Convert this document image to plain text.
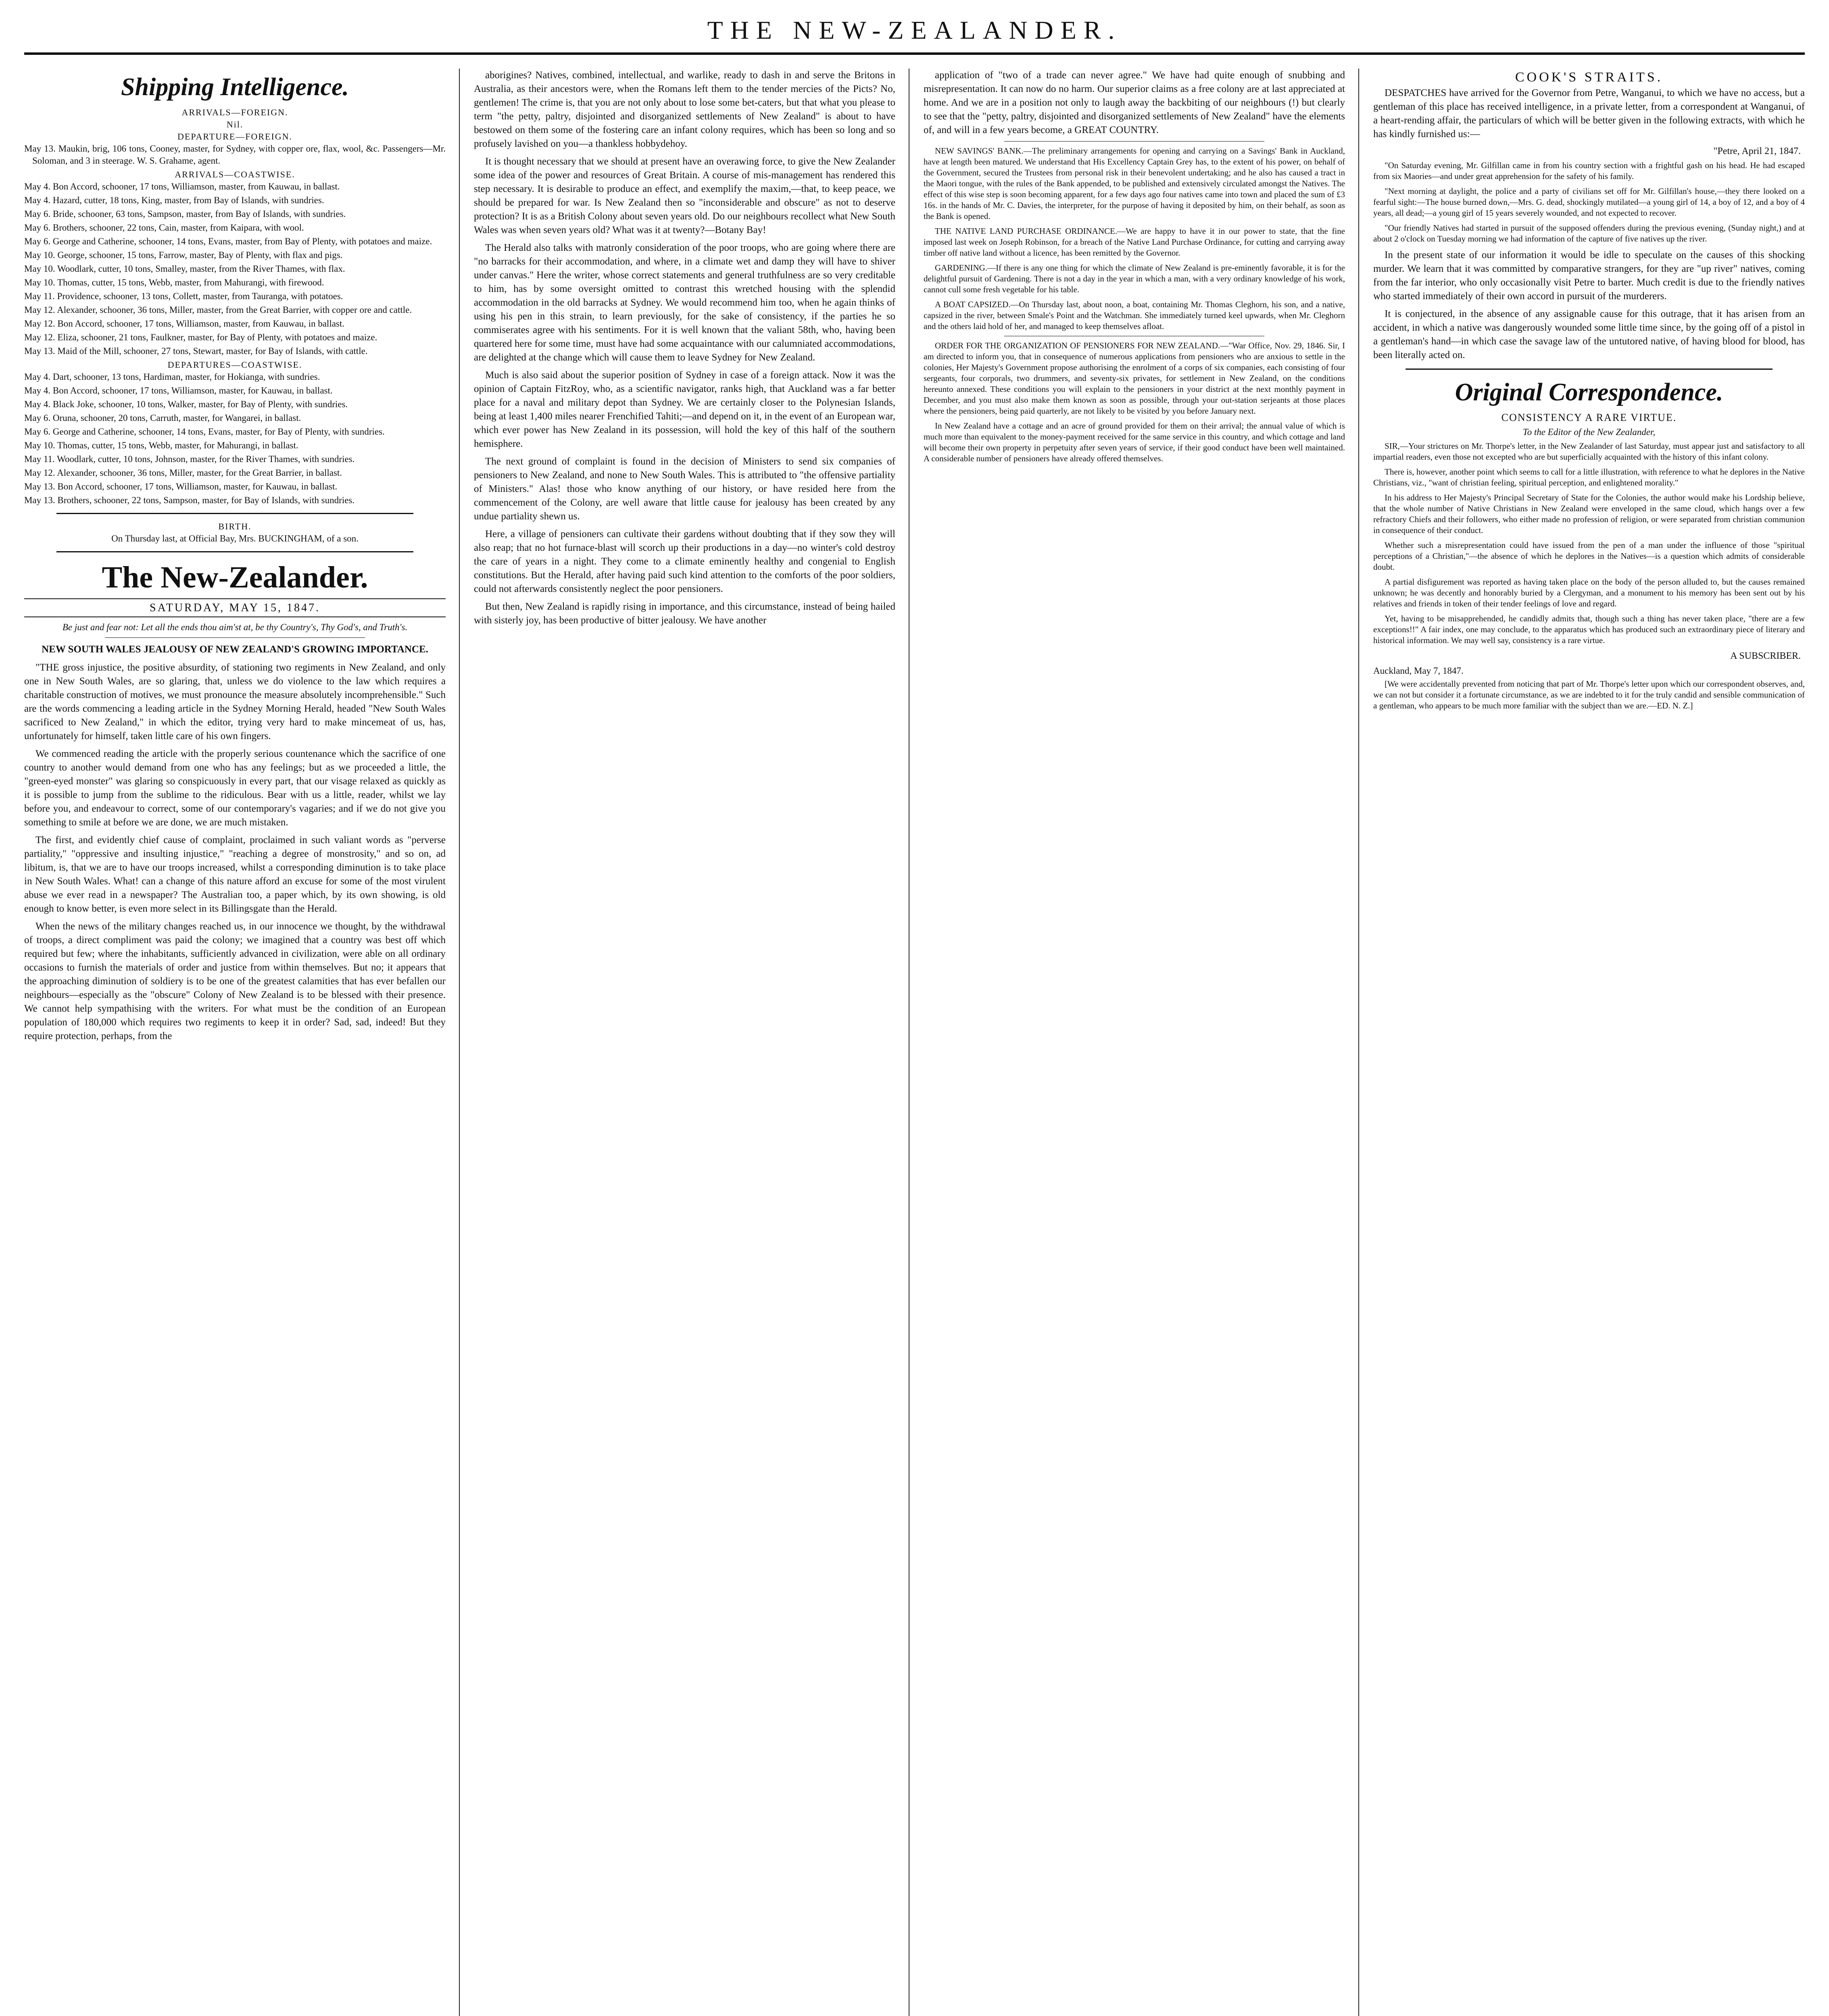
THE NEW-ZEALANDER.
Shipping Intelligence.
ARRIVALS—FOREIGN.
Nil.
DEPARTURE—FOREIGN.
May 13. Maukin, brig, 106 tons, Cooney, master, for Sydney, with copper ore, flax, wool, &c. Passengers—Mr. Soloman, and 3 in steerage. W. S. Grahame, agent.
ARRIVALS—COASTWISE.
May 4. Bon Accord, schooner, 17 tons, Williamson, master, from Kauwau, in ballast.
May 4. Hazard, cutter, 18 tons, King, master, from Bay of Islands, with sundries.
May 6. Bride, schooner, 63 tons, Sampson, master, from Bay of Islands, with sundries.
May 6. Brothers, schooner, 22 tons, Cain, master, from Kaipara, with wool.
May 6. George and Catherine, schooner, 14 tons, Evans, master, from Bay of Plenty, with potatoes and maize.
May 10. George, schooner, 15 tons, Farrow, master, Bay of Plenty, with flax and pigs.
May 10. Woodlark, cutter, 10 tons, Smalley, master, from the River Thames, with flax.
May 10. Thomas, cutter, 15 tons, Webb, master, from Mahurangi, with firewood.
May 11. Providence, schooner, 13 tons, Collett, master, from Tauranga, with potatoes.
May 12. Alexander, schooner, 36 tons, Miller, master, from the Great Barrier, with copper ore and cattle.
May 12. Bon Accord, schooner, 17 tons, Williamson, master, from Kauwau, in ballast.
May 12. Eliza, schooner, 21 tons, Faulkner, master, for Bay of Plenty, with potatoes and maize.
May 13. Maid of the Mill, schooner, 27 tons, Stewart, master, for Bay of Islands, with cattle.
DEPARTURES—COASTWISE.
May 4. Dart, schooner, 13 tons, Hardiman, master, for Hokianga, with sundries.
May 4. Bon Accord, schooner, 17 tons, Williamson, master, for Kauwau, in ballast.
May 4. Black Joke, schooner, 10 tons, Walker, master, for Bay of Plenty, with sundries.
May 6. Oruna, schooner, 20 tons, Carruth, master, for Wangarei, in ballast.
May 6. George and Catherine, schooner, 14 tons, Evans, master, for Bay of Plenty, with sundries.
May 10. Thomas, cutter, 15 tons, Webb, master, for Mahurangi, in ballast.
May 11. Woodlark, cutter, 10 tons, Johnson, master, for the River Thames, with sundries.
May 12. Alexander, schooner, 36 tons, Miller, master, for the Great Barrier, in ballast.
May 13. Bon Accord, schooner, 17 tons, Williamson, master, for Kauwau, in ballast.
May 13. Brothers, schooner, 22 tons, Sampson, master, for Bay of Islands, with sundries.
BIRTH.
On Thursday last, at Official Bay, Mrs. BUCKINGHAM, of a son.
The New-Zealander.
SATURDAY, MAY 15, 1847.
Be just and fear not: Let all the ends thou aim'st at, be thy Country's, Thy God's, and Truth's.
NEW SOUTH WALES JEALOUSY OF NEW ZEALAND'S GROWING IMPORTANCE.

"THE gross injustice, the positive absurdity, of stationing two regiments in New Zealand, and only one in New South Wales, are so glaring, that, unless we do violence to the law which requires a charitable construction of motives, we must pronounce the measure absolutely incomprehensible." Such are the words commencing a leading article in the Sydney Morning Herald, headed "New South Wales sacrificed to New Zealand," in which the editor, trying very hard to make mincemeat of us, has, unfortunately for himself, taken little care of his own fingers.

We commenced reading the article with the properly serious countenance which the sacrifice of one country to another would demand from one who has any feelings; but as we proceeded a little, the "green-eyed monster" was glaring so conspicuously in every part, that our visage relaxed as quickly as it is possible to jump from the sublime to the ridiculous. Bear with us a little, reader, whilst we lay before you, and endeavour to correct, some of our contemporary's vagaries; and if we do not give you something to smile at before we are done, we are much mistaken.

The first, and evidently chief cause of complaint, proclaimed in such valiant words as "perverse partiality," "oppressive and insulting injustice," "reaching a degree of monstrosity," and so on, ad libitum, is, that we are to have our troops increased, whilst a corresponding diminution is to take place in New South Wales. What! can a change of this nature afford an excuse for some of the most virulent abuse we ever read in a newspaper? The Australian too, a paper which, by its own showing, is old enough to know better, is even more select in its Billingsgate than the Herald.

When the news of the military changes reached us, in our innocence we thought, by the withdrawal of troops, a direct compliment was paid the colony; we imagined that a country was best off which required but few; where the inhabitants, sufficiently advanced in civilization, were able on all ordinary occasions to furnish the materials of order and justice from within themselves. But no; it appears that the approaching diminution of soldiery is to be one of the greatest calamities that has ever befallen our neighbours—especially as the "obscure" Colony of New Zealand is to be blessed with their presence. We cannot help sympathising with the writers. For what must be the condition of an European population of 180,000 which requires two regiments to keep it in order? Sad, sad, indeed! But they require protection, perhaps, from the

aborigines? Natives, combined, intellectual, and warlike, ready to dash in and serve the Britons in Australia, as their ancestors were, when the Romans left them to the tender mercies of the Picts? No, gentlemen! The crime is, that you are not only about to lose some bet-caters, but that what you please to term "the petty, paltry, disjointed and disorganized settlements of New Zealand" is about to have bestowed on them some of the fostering care an infant colony requires, which has been so long and so profusely lavished on you—a thankless hobbydehoy.

It is thought necessary that we should at present have an overawing force, to give the New Zealander some idea of the power and resources of Great Britain. A course of mis-management has rendered this step necessary. It is desirable to produce an effect, and exemplify the maxim,—that, to keep peace, we should be prepared for war. Is New Zealand then so "inconsiderable and obscure" as not to deserve protection? It is as a British Colony about seven years old. Do our neighbours recollect what New South Wales was when seven years old? What was it at twenty?—Botany Bay!

The Herald also talks with matronly consideration of the poor troops, who are going where there are "no barracks for their accommodation, and where, in a climate wet and damp they will have to shiver under canvas." Here the writer, whose correct statements and general truthfulness are so very creditable to him, has by some oversight omitted to contrast this wretched housing with the splendid accommodation in the old barracks at Sydney. We would recommend him too, when he again thinks of using his pen in this strain, to learn previously, for the sake of consistency, if the parties he so commiserates agree with his sentiments. For it is well known that the valiant 58th, who, having been quartered here for some time, must have had some acquaintance with our calumniated accommodations, are delighted at the change which will cause them to leave Sydney for New Zealand.

Much is also said about the superior position of Sydney in case of a foreign attack. Now it was the opinion of Captain FitzRoy, who, as a scientific navigator, ranks high, that Auckland was a far better place for a naval and military depot than Sydney. We are certainly closer to the Polynesian Islands, being at least 1,400 miles nearer Frenchified Tahiti;—and depend on it, in the event of an European war, which ever power has New Zealand in its possession, will hold the key of this half of the southern hemisphere.

The next ground of complaint is found in the decision of Ministers to send six companies of pensioners to New Zealand, and none to New South Wales. This is attributed to "the offensive partiality of Ministers." Alas! those who know anything of our history, or have resided here from the commencement of the Colony, are well aware that little cause for jealousy has been created by any undue partiality shewn us.

Here, a village of pensioners can cultivate their gardens without doubting that if they sow they will also reap; that no hot furnace-blast will scorch up their productions in a day—no winter's cold destroy the care of years in a night. They come to a climate eminently healthy and congenial to English constitutions. But the Herald, after having paid such kind attention to the comforts of the poor soldiers, could not afterwards consistently neglect the poor pensioners.

But then, New Zealand is rapidly rising in importance, and this circumstance, instead of being hailed with sisterly joy, has been productive of bitter jealousy. We have another

application of "two of a trade can never agree." We have had quite enough of snubbing and misrepresentation. It can now do no harm. Our superior claims as a free colony are at last appreciated at home. And we are in a position not only to laugh away the backbiting of our neighbours (!) but clearly to see that the "petty, paltry, disjointed and disorganized settlements of New Zealand" have the elements of, and will in a few years become, a GREAT COUNTRY.

NEW SAVINGS' BANK.—The preliminary arrangements for opening and carrying on a Savings' Bank in Auckland, have at length been matured. We understand that His Excellency Captain Grey has, to the extent of his power, on behalf of the Government, secured the Trustees from personal risk in their benevolent undertaking; and he also has caused a tract in the Maori tongue, with the rules of the Bank appended, to be published and extensively circulated amongst the Natives. The effect of this wise step is soon becoming apparent, for a few days ago four natives came into town and placed the sum of £3 16s. in the hands of Mr. C. Davies, the interpreter, for the purpose of having it deposited by him, on their behalf, as soon as the Bank is opened.

THE NATIVE LAND PURCHASE ORDINANCE.—We are happy to have it in our power to state, that the fine imposed last week on Joseph Robinson, for a breach of the Native Land Purchase Ordinance, for cutting and carrying away timber off native land without a licence, has been remitted by the Governor.

GARDENING.—If there is any one thing for which the climate of New Zealand is pre-eminently favorable, it is for the delightful pursuit of Gardening. There is not a day in the year in which a man, with a very ordinary knowledge of his work, cannot cull some fresh vegetable for his table.

A BOAT CAPSIZED.—On Thursday last, about noon, a boat, containing Mr. Thomas Cleghorn, his son, and a native, capsized in the river, between Smale's Point and the Watchman. She immediately turned keel upwards, when Mr. Cleghorn and the others laid hold of her, and managed to keep themselves afloat.

ORDER FOR THE ORGANIZATION OF PENSIONERS FOR NEW ZEALAND.—"War Office, Nov. 29, 1846. Sir, I am directed to inform you, that in consequence of numerous applications from pensioners who are anxious to settle in the colonies, Her Majesty's Government propose authorising the enrolment of a corps of six companies, each consisting of four sergeants, four corporals, two drummers, and seventy-six privates, for settlement in New Zealand, on the conditions hereunto annexed. These conditions you will explain to the pensioners in your district at the next monthly payment in December, and you must also make them known as soon as possible, through your out-station serjeants at those places where the pensioners, being paid quarterly, are not likely to be visited by you before January next.

In New Zealand have a cottage and an acre of ground provided for them on their arrival; the annual value of which is much more than equivalent to the money-payment received for the same service in this country, and which cottage and land will become their own property in perpetuity after seven years of service, if their good conduct have been well maintained. A considerable number of pensioners have already offered themselves.

COOK'S STRAITS.

DESPATCHES have arrived for the Governor from Petre, Wanganui, to which we have no access, but a gentleman of this place has received intelligence, in a private letter, from a correspondent at Wanganui, of a heart-rending affair, the particulars of which will be better given in the following extracts, with which he has kindly furnished us:—

"Petre, April 21, 1847.

"On Saturday evening, Mr. Gilfillan came in from his country section with a frightful gash on his head. He had escaped from six Maories—and under great apprehension for the safety of his family.

"Next morning at daylight, the police and a party of civilians set off for Mr. Gilfillan's house,—they there looked on a fearful sight:—The house burned down,—Mrs. G. dead, shockingly mutilated—a young girl of 14, a boy of 12, and a boy of 4 years, all dead;—a young girl of 15 years severely wounded, and not expected to recover.

"Our friendly Natives had started in pursuit of the supposed offenders during the previous evening, (Sunday night,) and at about 2 o'clock on Tuesday morning we had information of the capture of five natives up the river.

In the present state of our information it would be idle to speculate on the causes of this shocking murder. We learn that it was committed by comparative strangers, for they are "up river" natives, coming from the far interior, who only occasionally visit Petre to barter. Much credit is due to the friendly natives who started immediately of their own accord in pursuit of the murderers.

It is conjectured, in the absence of any assignable cause for this outrage, that it has arisen from an accident, in which a native was dangerously wounded some little time since, by the going off of a pistol in a gentleman's hand—in which case the savage law of the untutored native, of having blood for blood, has been literally acted on.

Original Correspondence.
CONSISTENCY A RARE VIRTUE.
To the Editor of the New Zealander,

SIR,—Your strictures on Mr. Thorpe's letter, in the New Zealander of last Saturday, must appear just and satisfactory to all impartial readers, even those not excepted who are but superficially acquainted with the history of this infant colony.

There is, however, another point which seems to call for a little illustration, with reference to what he deplores in the Native Christians, viz., "want of christian feeling, spiritual perception, and enlightened morality."

In his address to Her Majesty's Principal Secretary of State for the Colonies, the author would make his Lordship believe, that the whole number of Native Christians in New Zealand were enveloped in the same cloud, which hangs over a few refractory Chiefs and their followers, who either made no profession of religion, or were separated from christian communion in consequence of their conduct.

Whether such a misrepresentation could have issued from the pen of a man under the influence of those "spiritual perceptions of a Christian,"—the absence of which he deplores in the Natives—is a question which admits of considerable doubt.

A partial disfigurement was reported as having taken place on the body of the person alluded to, but the causes remained unknown; he was decently and honorably buried by a Clergyman, and a monument to his memory has been sent out by his relatives and friends in token of their tender feelings of love and regard.

Yet, having to be misapprehended, he candidly admits that, though such a thing has never taken place, "there are a few exceptions!!" A fair index, one may conclude, to the apparatus which has produced such an extraordinary piece of literary and historical information. We may well say, consistency is a rare virtue.

A SUBSCRIBER.
Auckland, May 7, 1847.

[We were accidentally prevented from noticing that part of Mr. Thorpe's letter upon which our correspondent observes, and, we can not but consider it a fortunate circumstance, as we are indebted to it for the truly candid and sensible communication of a gentleman, who appears to be much more familiar with the subject than we are.—ED. N. Z.]
